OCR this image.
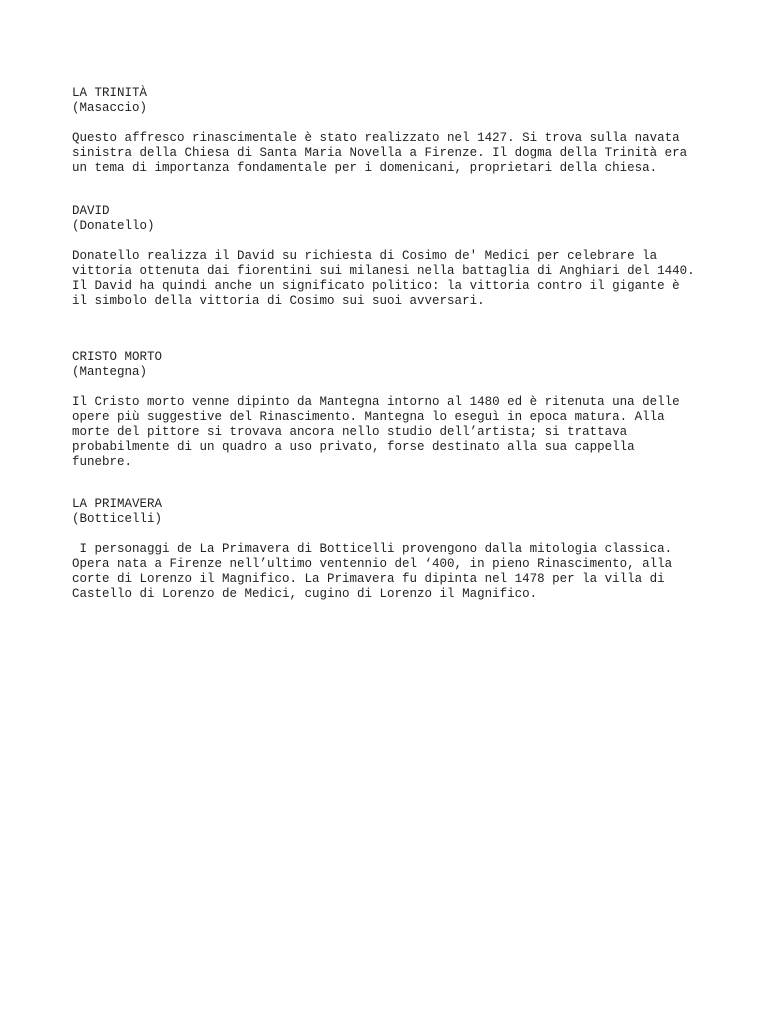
LA TRINITÀ
(Masaccio)
Questo affresco rinascimentale è stato realizzato nel 1427. Si trova sulla navata
sinistra della Chiesa di Santa Maria Novella a Firenze. Il dogma della Trinità era
un tema di importanza fondamentale per i domenicani, proprietari della chiesa.
DAVID
(Donatello)
Donatello realizza il David su richiesta di Cosimo de' Medici per celebrare la
vittoria ottenuta dai fiorentini sui milanesi nella battaglia di Anghiari del 1440.
Il David ha quindi anche un significato politico: la vittoria contro il gigante è
il simbolo della vittoria di Cosimo sui suoi avversari.
CRISTO MORTO
(Mantegna)
Il Cristo morto venne dipinto da Mantegna intorno al 1480 ed è ritenuta una delle
opere più suggestive del Rinascimento. Mantegna lo eseguì in epoca matura. Alla
morte del pittore si trovava ancora nello studio dell’artista; si trattava
probabilmente di un quadro a uso privato, forse destinato alla sua cappella
funebre.
LA PRIMAVERA
(Botticelli)
I personaggi de La Primavera di Botticelli provengono dalla mitologia classica.
Opera nata a Firenze nell’ultimo ventennio del ‘400, in pieno Rinascimento, alla
corte di Lorenzo il Magnifico. La Primavera fu dipinta nel 1478 per la villa di
Castello di Lorenzo de Medici, cugino di Lorenzo il Magnifico.
